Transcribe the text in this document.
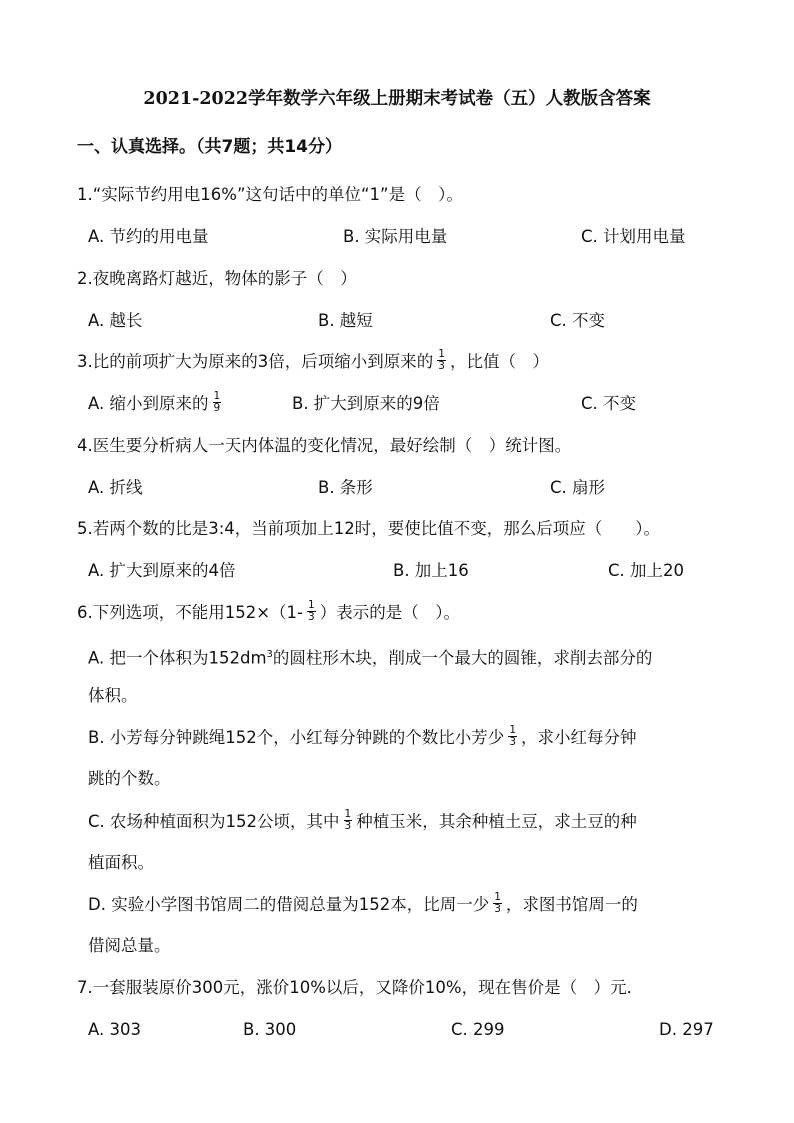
2021-2022学年数学六年级上册期末考试卷（五）人教版含答案
一、认真选择。（共7题；共14分）
1.“实际节约用电16%”这句话中的单位“1”是（　）。
A. 节约的用电量	B. 实际用电量	C. 计划用电量
2.夜晚离路灯越近，物体的影子（　）
A. 越长	B. 越短	C. 不变
3.比的前项扩大为原来的3倍，后项缩小到原来的 $\frac{1}{3}$ ，比值（　）
A. 缩小到原来的 $\frac{1}{9}$	B. 扩大到原来的9倍	C. 不变
4.医生要分析病人一天内体温的变化情况，最好绘制（　）统计图。
A. 折线	B. 条形	C. 扇形
5.若两个数的比是3:4，当前项加上12时，要使比值不变，那么后项应（　　）。
A. 扩大到原来的4倍	B. 加上16	C. 加上20
6.下列选项，不能用$152\times(1- \frac{1}{3}$ ）表示的是（　）。
A. 把一个体积为$152dm^3$的圆柱形木块，削成一个最大的圆锥，求削去部分的
体积。
B. 小芳每分钟跳绳152个，小红每分钟跳的个数比小芳少 $\frac{1}{3}$ ，求小红每分钟
跳的个数。
C. 农场种植面积为152公顷，其中 $\frac{1}{3}$ 种植玉米，其余种植土豆，求土豆的种
植面积。
D. 实验小学图书馆周二的借阅总量为152本，比周一少 $\frac{1}{3}$ ，求图书馆周一的
借阅总量。
7.一套服装原价300元，涨价10%以后，又降价10%，现在售价是（　）元．
A. 303	B. 300	C. 299	D. 297
